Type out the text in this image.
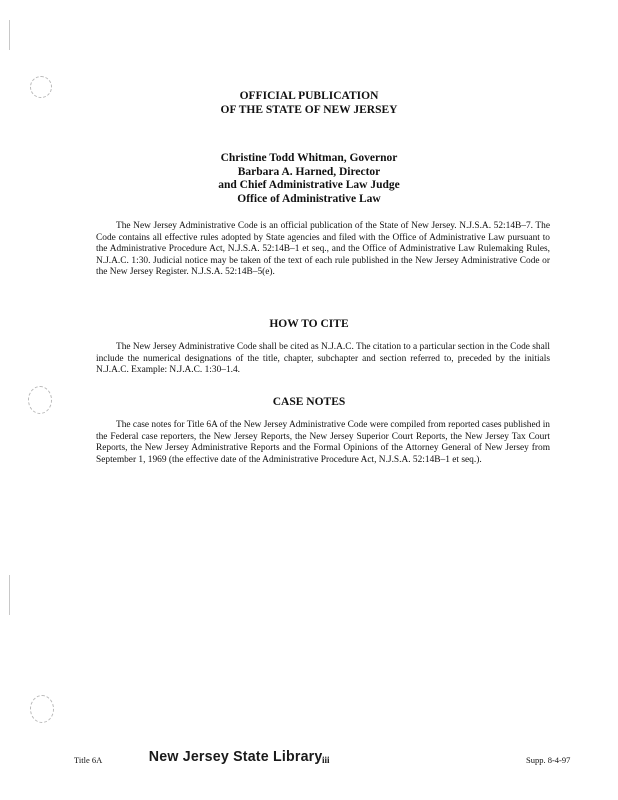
OFFICIAL PUBLICATION
OF THE STATE OF NEW JERSEY
Christine Todd Whitman, Governor
Barbara A. Harned, Director
and Chief Administrative Law Judge
Office of Administrative Law
The New Jersey Administrative Code is an official publication of the State of New Jersey. N.J.S.A. 52:14B–7. The Code contains all effective rules adopted by State agencies and filed with the Office of Administrative Law pursuant to the Administrative Procedure Act, N.J.S.A. 52:14B–1 et seq., and the Office of Administrative Law Rulemaking Rules, N.J.A.C. 1:30. Judicial notice may be taken of the text of each rule published in the New Jersey Administrative Code or the New Jersey Register. N.J.S.A. 52:14B–5(e).
HOW TO CITE
The New Jersey Administrative Code shall be cited as N.J.A.C. The citation to a particular section in the Code shall include the numerical designations of the title, chapter, subchapter and section referred to, preceded by the initials N.J.A.C. Example: N.J.A.C. 1:30–1.4.
CASE NOTES
The case notes for Title 6A of the New Jersey Administrative Code were compiled from reported cases published in the Federal case reporters, the New Jersey Reports, the New Jersey Superior Court Reports, the New Jersey Tax Court Reports, the New Jersey Administrative Reports and the Formal Opinions of the Attorney General of New Jersey from September 1, 1969 (the effective date of the Administrative Procedure Act, N.J.S.A. 52:14B–1 et seq.).
Title 6A	New Jersey State Library iii	Supp. 8-4-97
